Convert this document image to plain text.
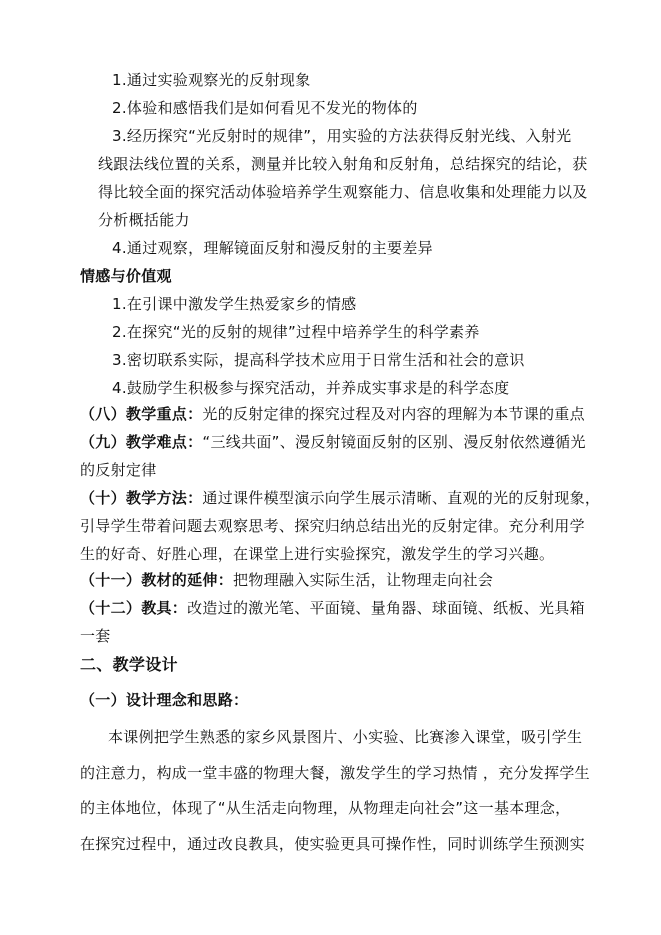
1.通过实验观察光的反射现象
2.体验和感悟我们是如何看见不发光的物体的
3.经历探究“光反射时的规律”，用实验的方法获得反射光线、入射光
线跟法线位置的关系，测量并比较入射角和反射角，总结探究的结论，获
得比较全面的探究活动体验培养学生观察能力、信息收集和处理能力以及
分析概括能力
4.通过观察，理解镜面反射和漫反射的主要差异
情感与价值观
1.在引课中激发学生热爱家乡的情感
2.在探究“光的反射的规律”过程中培养学生的科学素养
3.密切联系实际，提高科学技术应用于日常生活和社会的意识
4.鼓励学生积极参与探究活动，并养成实事求是的科学态度
（八）教学重点：光的反射定律的探究过程及对内容的理解为本节课的重点
（九）教学难点：“三线共面”、漫反射镜面反射的区别、漫反射依然遵循光
的反射定律
（十）教学方法：通过课件模型演示向学生展示清晰、直观的光的反射现象，
引导学生带着问题去观察思考、探究归纳总结出光的反射定律。充分利用学
生的好奇、好胜心理，在课堂上进行实验探究，激发学生的学习兴趣。
（十一）教材的延伸：把物理融入实际生活，让物理走向社会
（十二）教具：改造过的激光笔、平面镜、量角器、球面镜、纸板、光具箱
一套
二、教学设计
（一）设计理念和思路：
本课例把学生熟悉的家乡风景图片、小实验、比赛渗入课堂，吸引学生
的注意力，构成一堂丰盛的物理大餐，激发学生的学习热情 ，充分发挥学生
的主体地位，体现了“从生活走向物理，从物理走向社会”这一基本理念，
在探究过程中，通过改良教具，使实验更具可操作性，同时训练学生预测实
